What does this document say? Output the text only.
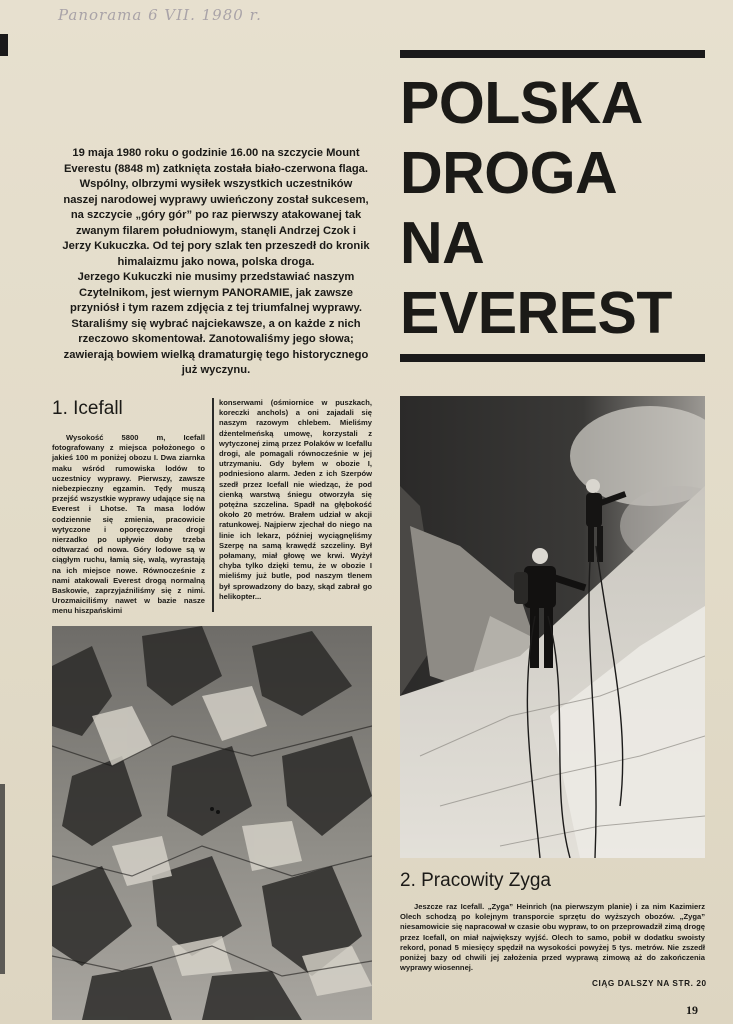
Panorama 6 VII. 1980 r.
POLSKA
DROGA
NA
EVEREST

19 maja 1980 roku o godzinie 16.00 na szczycie Mount Everestu (8848 m) zatknięta została biało-czerwona flaga. Wspólny, olbrzymi wysiłek wszystkich uczestników naszej narodowej wyprawy uwieńczony został sukcesem, na szczycie „góry gór” po raz pierwszy atakowanej tak zwanym filarem południowym, stanęli Andrzej Czok i Jerzy Kukuczka. Od tej pory szlak ten przeszedł do kronik himalaizmu jako nowa, polska droga.

Jerzego Kukuczki nie musimy przedstawiać naszym Czytelnikom, jest wiernym PANORAMIE, jak zawsze przyniósł i tym razem zdjęcia z tej triumfalnej wyprawy. Staraliśmy się wybrać najciekawsze, a on każde z nich rzeczowo skomentował. Zanotowaliśmy jego słowa; zawierają bowiem wielką dramaturgię tego historycznego już wyczynu.

1. Icefall

Wysokość 5800 m, Icefall fotografowany z miejsca położonego o jakieś 100 m poniżej obozu I. Dwa ziarnka maku wśród rumowiska lodów to uczestnicy wyprawy. Pierwszy, zawsze niebezpieczny egzamin. Tędy muszą przejść wszystkie wyprawy udające się na Everest i Lhotse. Ta masa lodów codziennie się zmienia, pracowicie wytyczone i oporęczowane drogi nierzadko po upływie doby trzeba odtwarzać od nowa. Góry lodowe są w ciągłym ruchu, łamią się, walą, wyrastają na ich miejsce nowe. Równocześnie z nami atakowali Everest drogą normalną Baskowie, zaprzyjaźniliśmy się z nimi. Urozmaiciliśmy nawet w bazie nasze menu hiszpańskimi

konserwami (ośmiornice w puszkach, koreczki anchols) a oni zajadali się naszym razowym chlebem. Mieliśmy dżentelmeńską umowę, korzystali z wytyczonej zimą przez Polaków w Icefallu drogi, ale pomagali równocześnie w jej utrzymaniu. Gdy byłem w obozie I, podniesiono alarm. Jeden z ich Szerpów szedł przez Icefall nie wiedząc, że pod cienką warstwą śniegu otworzyła się potężna szczelina. Spadł na głębokość około 20 metrów. Brałem udział w akcji ratunkowej. Najpierw zjechał do niego na linie ich lekarz, później wyciągnęliśmy Szerpę na samą krawędź szczeliny. Był połamany, miał głowę we krwi. Wyżył chyba tylko dzięki temu, że w obozie I mieliśmy już butle, pod naszym tlenem był sprowadzony do bazy, skąd zabrał go helikopter...

2. Pracowity Zyga

Jeszcze raz Icefall. „Zyga” Heinrich (na pierwszym planie) i za nim Kazimierz Olech schodzą po kolejnym transporcie sprzętu do wyższych obozów. „Zyga” niesamowicie się napracował w czasie obu wypraw, to on przeprowadził zimą drogę przez Icefall, on miał największy wyjść. Olech to samo, pobił w dodatku swoisty rekord, ponad 5 miesięcy spędził na wysokości powyżej 5 tys. metrów. Nie zszedł poniżej bazy od chwili jej założenia przed wyprawą zimową aż do zakończenia wyprawy wiosennej.

CIĄG DALSZY NA STR. 20
19
